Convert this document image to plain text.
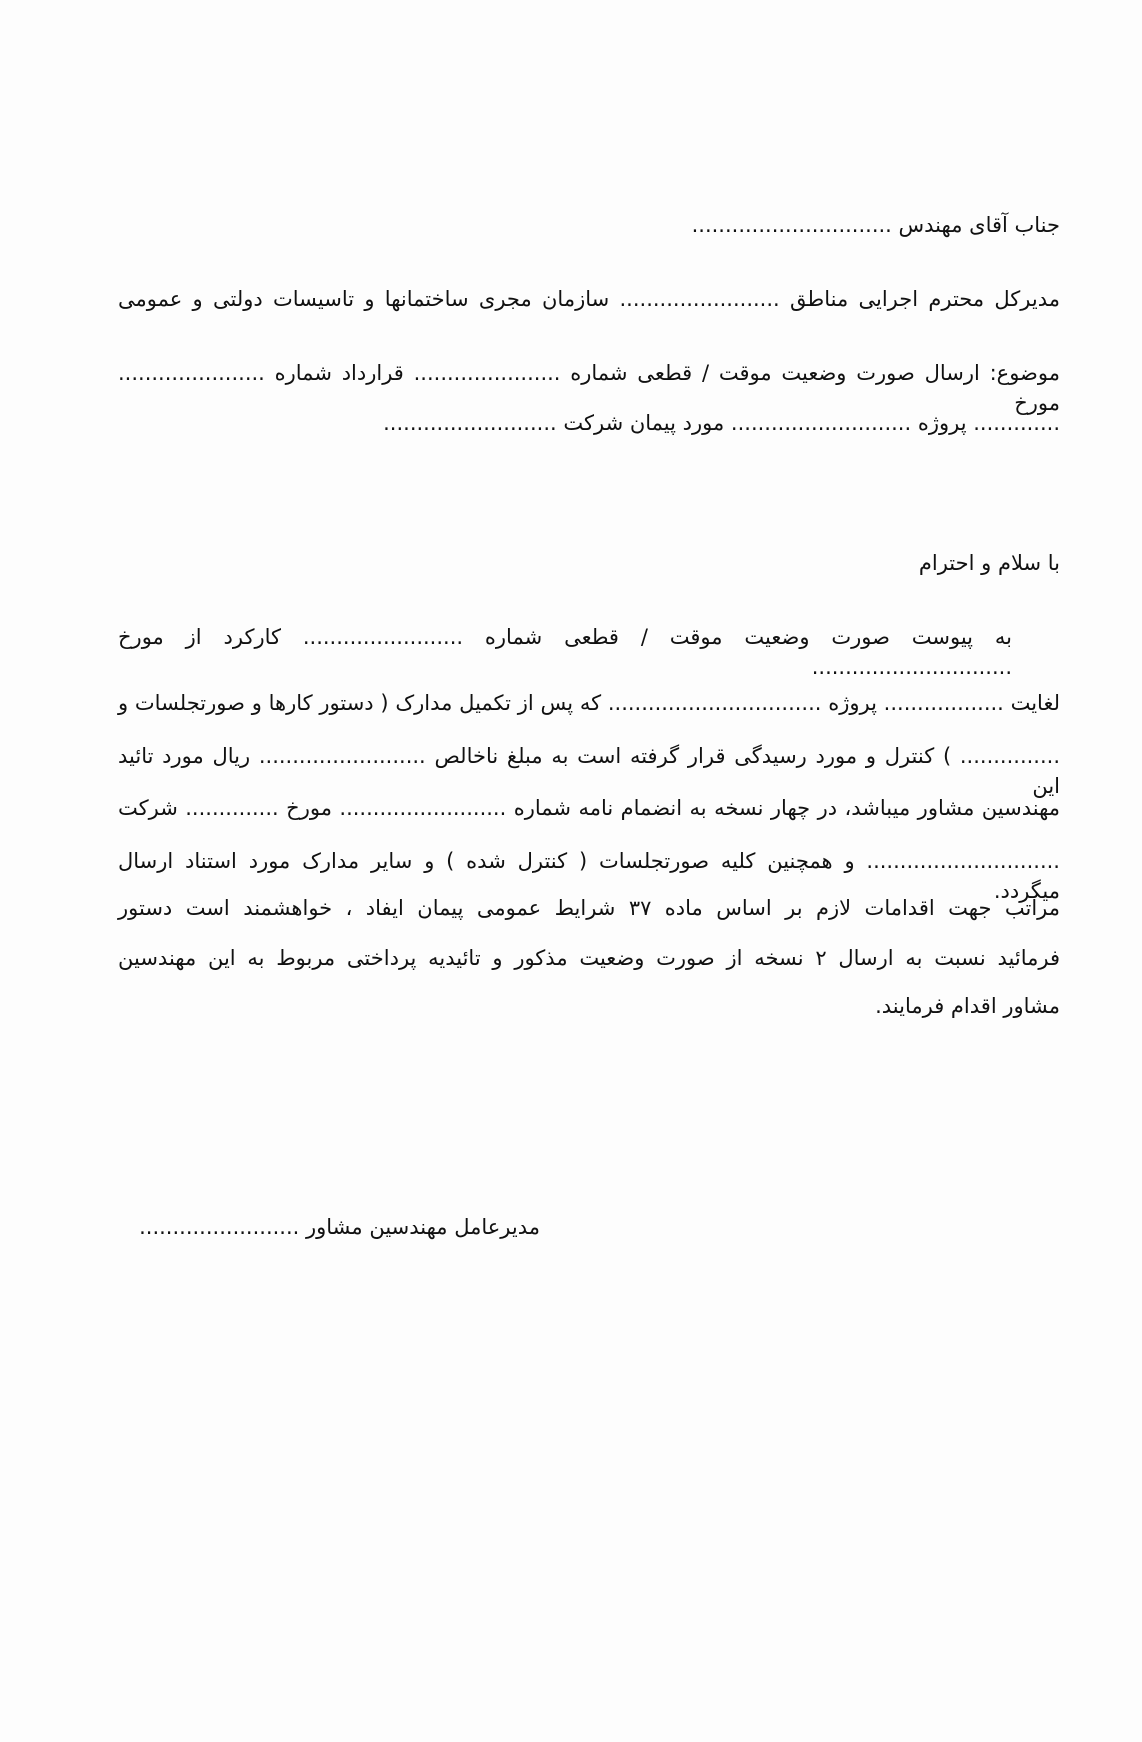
جناب آقای مهندس ..............................
مدیرکل محترم اجرایی مناطق ........................ سازمان مجری ساختمانها و تاسیسات دولتی و عمومی
موضوع: ارسال صورت وضعیت موقت / قطعی شماره ...................... قرارداد شماره ...................... مورخ
............. پروژه ........................... مورد پیمان شرکت ..........................
با سلام و احترام
به پیوست صورت وضعیت موقت / قطعی شماره ........................ کارکرد از مورخ ..............................
لغایت .................. پروژه ................................ که پس از تکمیل مدارک ( دستور کارها و صورتجلسات و
............... ) کنترل و مورد رسیدگی قرار گرفته است به مبلغ ناخالص ......................... ریال مورد تائید این
مهندسین مشاور میباشد، در چهار نسخه به انضمام نامه شماره ......................... مورخ .............. شرکت
............................. و همچنین کلیه صورتجلسات ( کنترل شده ) و سایر مدارک مورد استناد ارسال میگردد.
مراتب جهت اقدامات لازم بر اساس ماده ۳۷ شرایط عمومی پیمان ایفاد ، خواهشمند است دستور
فرمائید نسبت به ارسال ۲ نسخه از صورت وضعیت مذکور و تائیدیه پرداختی مربوط به این مهندسین
مشاور اقدام فرمایند.
مدیرعامل مهندسین مشاور ........................
